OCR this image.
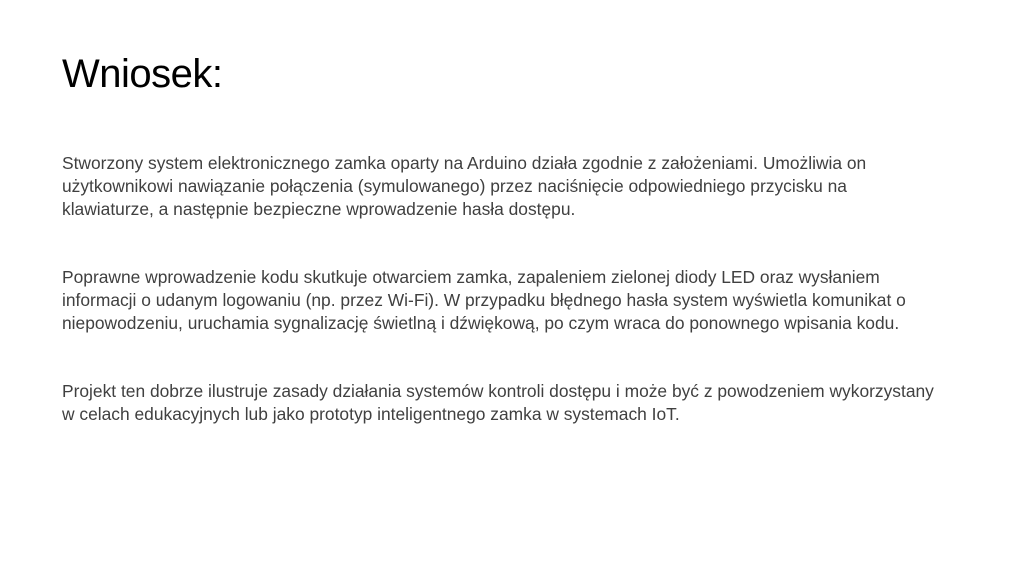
Wniosek:

Stworzony system elektronicznego zamka oparty na Arduino działa zgodnie z założeniami. Umożliwia on użytkownikowi nawiązanie połączenia (symulowanego) przez naciśnięcie odpowiedniego przycisku na klawiaturze, a następnie bezpieczne wprowadzenie hasła dostępu.

Poprawne wprowadzenie kodu skutkuje otwarciem zamka, zapaleniem zielonej diody LED oraz wysłaniem informacji o udanym logowaniu (np. przez Wi-Fi). W przypadku błędnego hasła system wyświetla komunikat o niepowodzeniu, uruchamia sygnalizację świetlną i dźwiękową, po czym wraca do ponownego wpisania kodu.

Projekt ten dobrze ilustruje zasady działania systemów kontroli dostępu i może być z powodzeniem wykorzystany w celach edukacyjnych lub jako prototyp inteligentnego zamka w systemach IoT.
